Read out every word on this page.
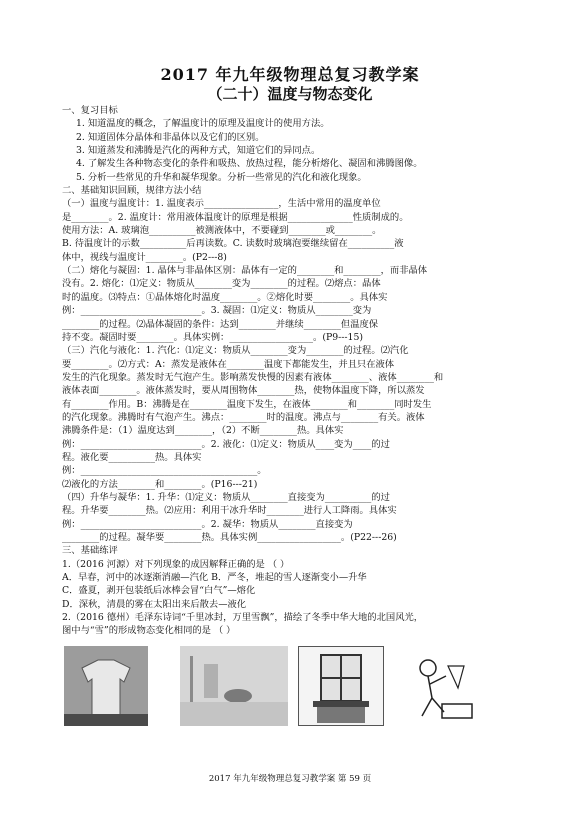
2017 年九年级物理总复习教学案
（二十）温度与物态变化
一、复习目标
1. 知道温度的概念，了解温度计的原理及温度计的使用方法。
2. 知道固体分晶体和非晶体以及它们的区别。
3. 知道蒸发和沸腾是汽化的两种方式，知道它们的异同点。
4. 了解发生各种物态变化的条件和吸热、放热过程，能分析熔化、凝固和沸腾图像。
5. 分析一些常见的升华和凝华现象。分析一些常见的汽化和液化现象。
二、基础知识回顾，规律方法小结
（一）温度与温度计：1. 温度表示________________，生活中常用的温度单位
是________。2. 温度计：常用液体温度计的原理是根据______________性质制成的。
使用方法：A. 玻璃泡__________被测液体中，不要碰到________或________。
B. 待温度计的示数__________后再读数。C. 读数时玻璃泡要继续留在__________液
体中，视线与温度计________。(P2---8)
（二）熔化与凝固：1. 晶体与非晶体区别：晶体有一定的________和________，而非晶体
没有。2. 熔化：⑴定义：物质从________变为________的过程。⑵熔点：晶体
时的温度。⑶特点：①晶体熔化时温度________。②熔化时要________。具体实
例：__________________________。3. 凝固：⑴定义：物质从________变为
________的过程。⑵晶体凝固的条件：达到________并继续________但温度保
持不变。凝固时要________。具体实例：__________________。(P9---15)
（三）汽化与液化：1. 汽化：⑴定义：物质从________变为________的过程。⑵汽化
要________。⑵方式：A：蒸发是液体在________温度下都能发生，并且只在液体
发生的汽化现象。蒸发时无气泡产生。影响蒸发快慢的因素有液体________、液体________和
液体表面________。液体蒸发时，要从周围物体________热，使物体温度下降，所以蒸发
有________作用。B：沸腾是在________温度下发生，在液体________和________同时发生
的汽化现象。沸腾时有气泡产生。沸点：________时的温度。沸点与________有关。液体
沸腾条件是：（1）温度达到________，（2）不断________热。具体实
例：__________________________。2. 液化：⑴定义：物质从____变为____的过
程。液化要__________热。具体实
例：______________________________________。
⑵液化的方法________和________。(P16---21)
（四）升华与凝华：1. 升华：⑴定义：物质从________直接变为__________的过
程。升华要________热。⑵应用：利用干冰升华时________进行人工降雨。具体实
例：__________________________。2. 凝华：物质从________直接变为
________的过程。凝华要________热。具体实例__________________。(P22---26)
三、基础练评
1.（2016 河源）对下列现象的成因解释正确的是 （ ）
A．早春，河中的冰逐渐消融—汽化 B．严冬，堆起的雪人逐渐变小—升华
C．盛夏，剥开包装纸后冰棒会冒“白气”—熔化
D．深秋，清晨的雾在太阳出来后散去—液化
2.（2016 德州）毛泽东诗词“千里冰封，万里雪飘”，描绘了冬季中华大地的北国风光，
图中与“雪”的形成物态变化相同的是 （ ）
2017 年九年级物理总复习教学案 第 59 页
